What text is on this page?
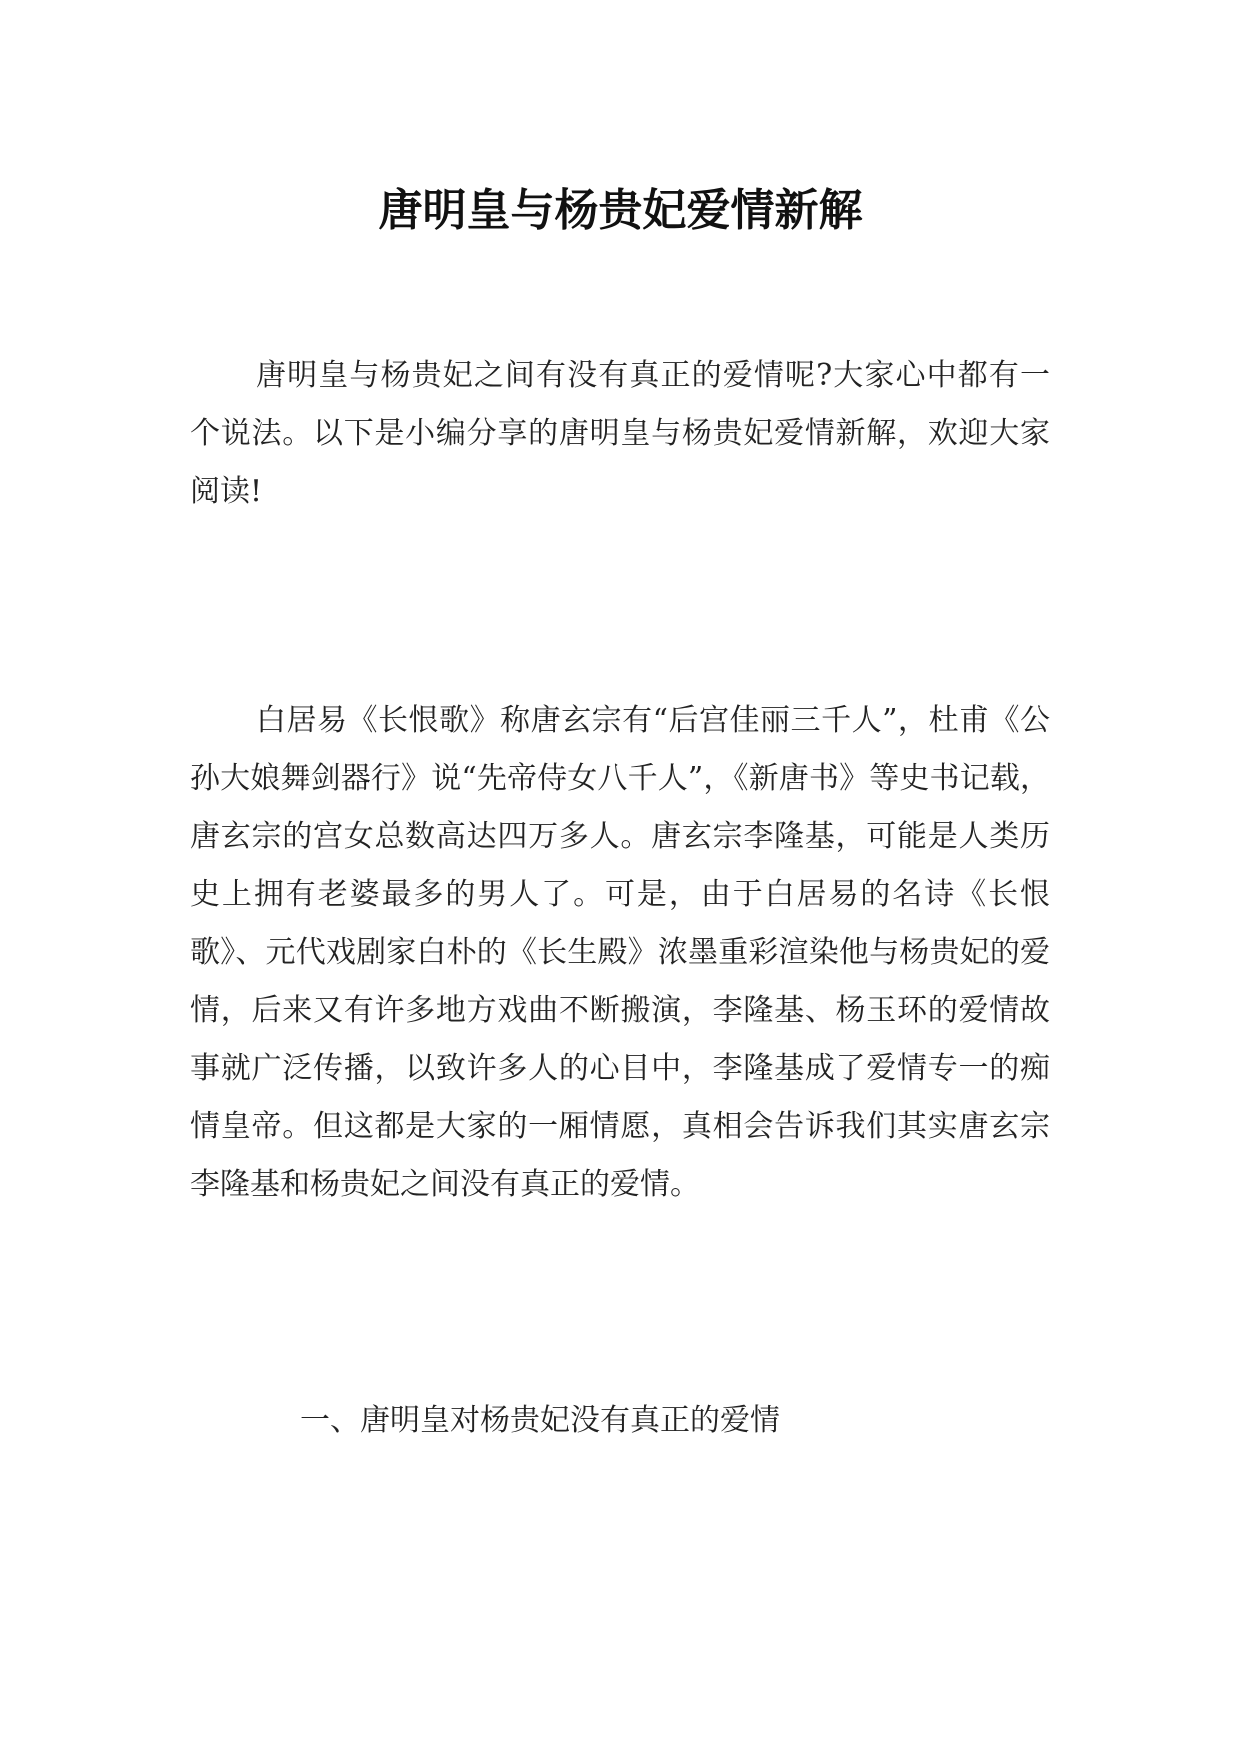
唐明皇与杨贵妃爱情新解

唐明皇与杨贵妃之间有没有真正的爱情呢?大家心中都有一个说法。以下是小编分享的唐明皇与杨贵妃爱情新解，欢迎大家阅读!

白居易《长恨歌》称唐玄宗有“后宫佳丽三千人”，杜甫《公孙大娘舞剑器行》说“先帝侍女八千人”，《新唐书》等史书记载，唐玄宗的宫女总数高达四万多人。唐玄宗李隆基，可能是人类历史上拥有老婆最多的男人了。可是，由于白居易的名诗《长恨歌》、元代戏剧家白朴的《长生殿》浓墨重彩渲染他与杨贵妃的爱情，后来又有许多地方戏曲不断搬演，李隆基、杨玉环的爱情故事就广泛传播，以致许多人的心目中，李隆基成了爱情专一的痴情皇帝。但这都是大家的一厢情愿，真相会告诉我们其实唐玄宗李隆基和杨贵妃之间没有真正的爱情。

一、唐明皇对杨贵妃没有真正的爱情
